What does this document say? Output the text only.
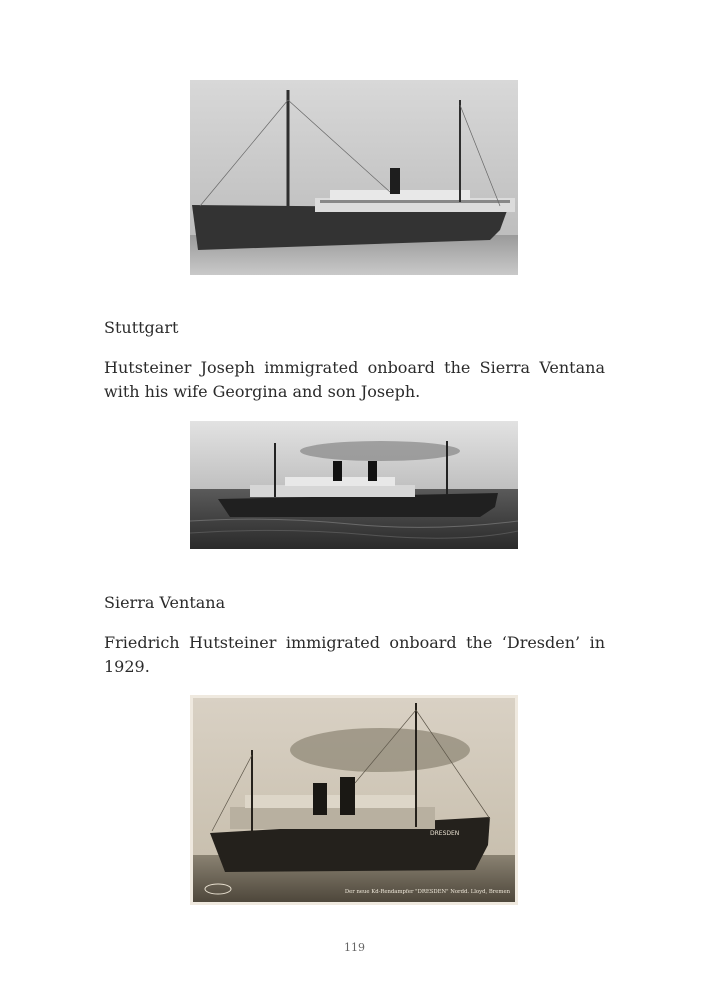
Stuttgart
Hutsteiner Joseph immigrated onboard the Sierra Ventana with his wife Georgina and son Joseph.
Sierra Ventana
Friedrich Hutsteiner immigrated onboard the ‘Dresden’ in 1929.
DRESDEN
Der neue Kd-Rendampfer "DRESDEN" Nordd. Lloyd, Bremen
119
